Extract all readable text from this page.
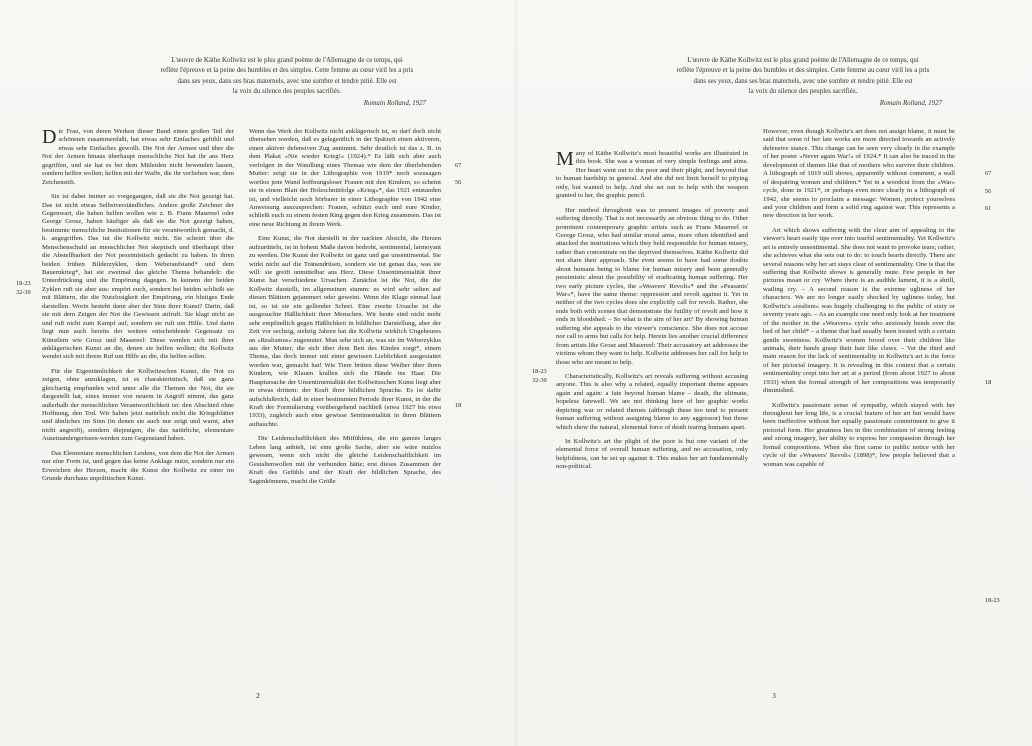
L'œuvre de Käthe Kollwitz est le plus grand poème de l'Allemagne de ce temps, qui
reflète l'épreuve et la peine des humbles et des simples. Cette femme au cœur viril les a pris
dans ses yeux, dans ses bras maternels, avec une sombre et tendre pitié. Elle est
la voix du silence des peuples sacrifiés.
Romain Rolland, 1927

Die Frau, von deren Werken dieser Band einen großen Teil der schönsten zusammenfaßt, hat etwas sehr Einfaches gefühlt und etwas sehr Einfaches gewollt. Die Not der Armen und über die Not der Armen hinaus überhaupt menschliche Not hat ihr ans Herz gegriffen, und sie hat es bei dem Mitleiden nicht bewenden lassen, sondern helfen wollen; helfen mit der Waffe, die ihr verliehen war, dem Zeichenstift.

Sie ist dabei immer so vorgegangen, daß sie die Not gezeigt hat. Das ist nicht etwas Selbstverständliches. Andere große Zeichner der Gegenwart, die haben helfen wollen wie z. B. Frans Masereel oder George Grosz, haben häufiger als daß sie die Not gezeigt haben, bestimmte menschliche Institutionen für sie verantwortlich gemacht, d. h. angegriffen. Das tut die Kollwitz nicht. Sie scheint über die Menschenschuld an menschlicher Not skeptisch und überhaupt über die Abstellbarkeit der Not pessimistisch gedacht zu haben. In ihren beiden frühen Bilderzyklen, dem Weberaufstand* und dem Bauernkrieg*, hat sie zweimal das gleiche Thema behandelt: die Unterdrückung und die Empörung dagegen. In keinem der beiden Zyklen ruft sie aber aus: empört euch, sondern bei beiden schließt sie mit Blättern, die die Nutzlosigkeit der Empörung, ein blutiges Ende darstellen. Worin besteht dann aber der Sinn ihrer Kunst? Darin, daß sie mit dem Zeigen der Not die Gewissen aufruft. Sie klagt nicht an und ruft nicht zum Kampf auf, sondern sie ruft um Hilfe. Und darin liegt nun auch bereits der weitere entscheidende Gegensatz zu Künstlern wie Grosz und Masereel: Diese wenden sich mit ihrer anklägerischen Kunst an die, denen sie helfen wollen; die Kollwitz wendet sich mit ihrem Ruf um Hilfe an die, die helfen sollen.

Für die Eigentümlichkeit der Kollwitzschen Kunst, die Not zu zeigen, ohne anzuklagen, ist es charakteristisch, daß sie ganz gleichartig empfunden wird unter alle die Themen der Not, die sie dargestellt hat, eines immer von neuem in Angriff nimmt, das ganz außerhalb der menschlichen Verantwortlichkeit ist: den Abschied ohne Hoffnung, den Tod. Wir haben jetzt natürlich nicht die Kriegsblätter und ähnliches im Sinn (in denen sie auch nur zeigt und warnt, aber nicht angreift), sondern diejenigen, die das natürliche, elementare Auseinandergerissen-werden zum Gegenstand haben.

Das Elementare menschlichen Leidens, von dem die Not der Armen nur eine Form ist, und gegen das keine Anklage nutzt, sondern nur ein Erweichen der Herzen, macht die Kunst der Kollwitz zu einer im Grunde durchaus unpolitischen Kunst.

Wenn das Werk der Kollwitz nicht anklägerisch ist, so darf doch nicht übersehen werden, daß es gelegentlich in der Spätzeit einen aktiveren, einen aktiver defensiven Zug annimmt. Sehr deutlich ist das z. B. in dem Plakat »Nie wieder Krieg!« (1924).* Es läßt sich aber auch verfolgen in der Wandlung eines Themas wie dem der überlebenden Mutter: zeigt sie in der Lithographie von 1919* noch sozusagen wortlos jene Wand hoffnungsloser Frauen mit den Kindern, so scheint sie in einem Blatt der Holzschnittfolge »Krieg«*, das 1921 entstanden ist, und vielleicht noch hörbarer in einer Lithographie von 1942 eine Anweisung auszusprechen: Frauen, schützt euch und eure Kinder, schließt euch zu einem festen Ring gegen den Krieg zusammen. Das ist eine neue Richtung in ihrem Werk.

Eine Kunst, die Not darstellt in der nackten Absicht, die Herzen aufzurütteln, ist in hohem Maße davon bedroht, sentimental, larmoyant zu werden. Die Kunst der Kollwitz ist ganz und gar unsentimental. Sie wirkt nicht auf die Tränendrüsen, sondern sie tut genau das, was sie will: sie greift unmittelbar ans Herz. Diese Unsentimentalität ihrer Kunst hat verschiedene Ursachen. Zunächst ist die Not, die die Kollwitz darstellt, im allgemeinen stumm: es wird sehr selten auf diesen Blättern gejammert oder geweint. Wenn die Klage einmal laut ist, so ist sie ein gellender Schrei. Eine zweite Ursache ist die ausgesuchte Häßlichkeit ihrer Menschen. Wir heute sind nicht mehr sehr empfindlich gegen Häßlichkeit in bildlicher Darstellung, aber der Zeit vor sechzig, siebzig Jahren hat die Kollwitz wirklich Ungeheures an »Realismus« zugemutet. Man sehe sich an, was sie im Weberzyklus aus der Mutter, die sich über dem Bett des Kindes sorgt*, einem Thema, das doch immer mit einer gewissen Lieblichkeit ausgestattet worden war, gemacht hat! Wie Tiere brüten diese Weiber über ihren Kindern, wie Klauen krallen sich die Hände ins Haar. Die Hauptursache der Unsentimentalität der Kollwitzschen Kunst liegt aber in etwas drittem: der Kraft ihrer bildlichen Sprache. Es ist dafür aufschlußreich, daß in einer bestimmten Periode ihrer Kunst, in der die Kraft der Formulierung vorübergehend nachließ (etwa 1927 bis etwa 1933), zugleich auch eine gewisse Sentimentalität in ihren Blättern auftauchte.

Die Leidenschaftlichkeit des Mitfühlens, die ein ganzes langes Leben lang anhielt, ist eine große Sache, aber sie wäre nutzlos gewesen, wenn sich nicht die gleiche Leidenschaftlichkeit im Gestaltenwollen mit ihr verbunden hätte; erst dieses Zusammen der Kraft des Gefühls und der Kraft der bildlichen Sprache, des Sagenkönnens, macht die Größe

18-23
32-39
67
56
18
2
L'œuvre de Käthe Kollwitz est le plus grand poème de l'Allemagne de ce temps, qui
reflète l'épreuve et la peine des humbles et des simples. Cette femme au cœur viril les a pris
dans ses yeux, dans ses bras maternels, avec une sombre et tendre pitié. Elle est
la voix du silence des peuples sacrifiés.
Romain Rolland, 1927

Many of Käthe Kollwitz's most beautiful works are illustrated in this book. She was a woman of very simple feelings and aims. Her heart went out to the poor and their plight, and beyond that to human hardship in general. And she did not limit herself to pitying only, but wanted to help. And she set out to help with the weapon granted to her, the graphic pencil.

Her method throughout was to present images of poverty and suffering directly. That is not necessarily an obvious thing to do. Other prominent contemporary graphic artists such as Frans Masereel or George Grosz, who had similar moral aims, more often identified and attacked the institutions which they held responsible for human misery, rather than concentrate on the deprived themselves. Käthe Kollwitz did not share their approach. She even seems to have had some doubts about humans being to blame for human misery and been generally pessimistic about the possibility of eradicating human suffering. Her two early picture cycles, the »Weavers' Revolt«* and the »Peasants' War«*, have the same theme: oppression and revolt against it. Yet in neither of the two cycles does she explicitly call for revolt. Rather, she ends both with scenes that demonstrate the futility of revolt and how it ends in bloodshed. – So what is the aim of her art? By showing human suffering she appeals to the viewer's conscience. She does not accuse nor call to arms but calls for help. Herein lies another crucial difference from artists like Grosz and Masereel: Their accusatory art addresses the victims whom they want to help. Kollwitz addresses her call for help to those who are meant to help.

Characteristically, Kollwitz's art reveals suffering without accusing anyone. This is also why a related, equally important theme appears again and again: a fate beyond human blame – death, the ultimate, hopeless farewell. We are not thinking here of her graphic works depicting war or related themes (although these too tend to present human suffering without assigning blame to any aggressor) but those which show the natural, elemental force of death tearing humans apart.

In Kollwitz's art the plight of the poor is but one variant of the elemental force of overall human suffering, and no accusation, only helpfulness, can be set up against it. This makes her art fundamentally non-political.

However, even though Kollwitz's art does not assign blame, it must be said that some of her late works are more directed towards an actively defensive stance. This change can be seen very clearly in the example of her poster »Never again War!« of 1924.* It can also be traced in the development of themes like that of mothers who survive their children. A lithograph of 1919 still shows, apparently without comment, a wall of despairing women and children.* Yet in a woodcut from the »War« cycle, done in 1921*, or perhaps even more clearly in a lithograph of 1942, she seems to proclaim a message: Women, protect yourselves and your children and form a solid ring against war. This represents a new direction in her work.

Art which shows suffering with the clear aim of appealing to the viewer's heart easily tips over into tearful sentimentality. Yet Kollwitz's art is entirely unsentimental. She does not want to provoke tears; rather, she achieves what she sets out to do: to touch hearts directly. There are several reasons why her art stays clear of sentimentality. One is that the suffering that Kollwitz shows is generally mute. Few people in her pictures moan or cry. Where there is an audible lament, it is a shrill, wailing cry. – A second reason is the extreme ugliness of her characters. We are no longer easily shocked by ugliness today, but Kollwitz's »realism« was hugely challenging to the public of sixty or seventy years ago. – As an example one need only look at her treatment of the mother in the »Weavers« cycle who anxiously bends over the bed of her child* – a theme that had usually been treated with a certain gentle sweetness. Kollwitz's women brood over their children like animals, their hands grasp their hair like claws. – Yet the third and main reason for the lack of sentimentality in Kollwitz's art is the force of her pictorial imagery. It is revealing in this context that a certain sentimentality crept into her art at a period (from about 1927 to about 1933) when the formal strength of her compositions was temporarily diminished.

Kollwitz's passionate sense of sympathy, which stayed with her throughout her long life, is a crucial feature of her art but would have been ineffective without her equally passionate commitment to give it pictorial form. Her greatness lies in this combination of strong feeling and strong imagery, her ability to express her compassion through her formal compositions. When she first came to public notice with her cycle of the »Weavers' Revolt« (1898)*, few people believed that a woman was capable of

18-23
32-39
67
56
61
18
18-23
3
